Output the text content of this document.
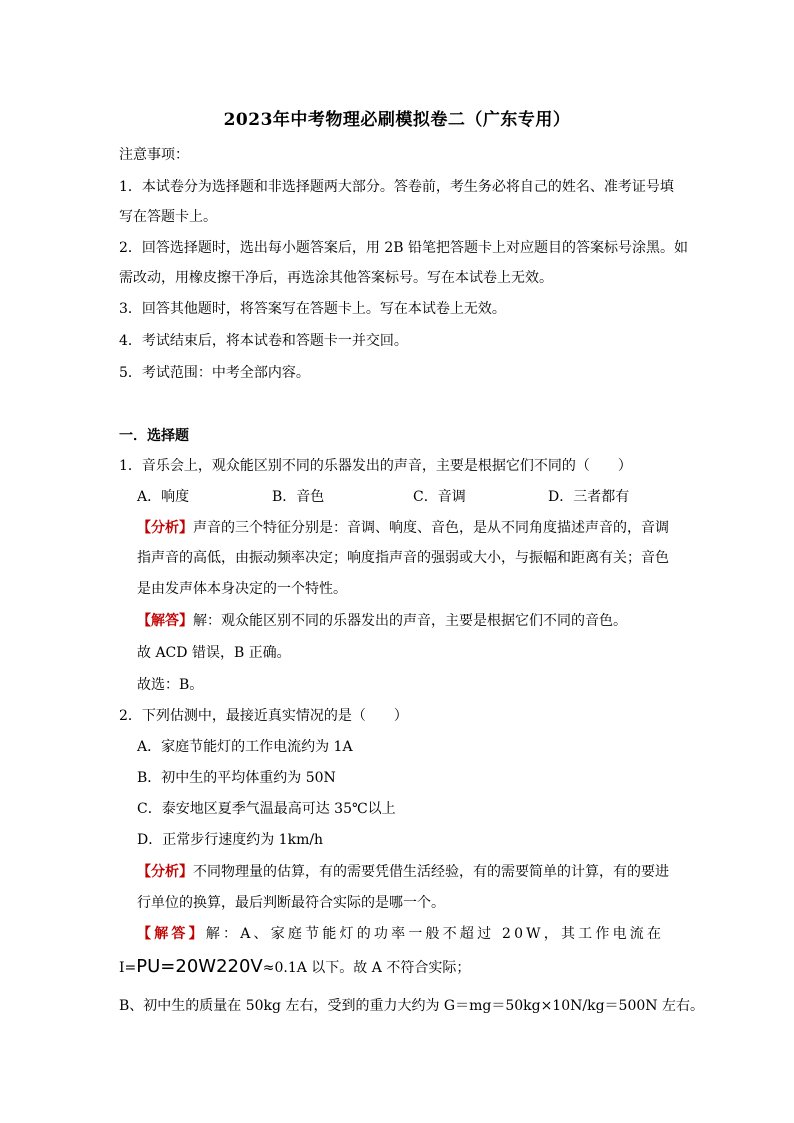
2023年中考物理必刷模拟卷二（广东专用）
注意事项：
1．本试卷分为选择题和非选择题两大部分。答卷前，考生务必将自己的姓名、准考证号填
写在答题卡上。
2．回答选择题时，选出每小题答案后，用 2B 铅笔把答题卡上对应题目的答案标号涂黑。如
需改动，用橡皮擦干净后，再选涂其他答案标号。写在本试卷上无效。
3．回答其他题时，将答案写在答题卡上。写在本试卷上无效。
4．考试结束后，将本试卷和答题卡一并交回。
5．考试范围：中考全部内容。
一．选择题
1．音乐会上，观众能区别不同的乐器发出的声音，主要是根据它们不同的（　　）
A．响度	B．音色	C．音调	D．三者都有
【分析】声音的三个特征分别是：音调、响度、音色，是从不同角度描述声音的，音调
指声音的高低，由振动频率决定；响度指声音的强弱或大小，与振幅和距离有关；音色
是由发声体本身决定的一个特性。
【解答】解：观众能区别不同的乐器发出的声音，主要是根据它们不同的音色。
故 ACD 错误，B 正确。
故选：B。
2．下列估测中，最接近真实情况的是（　　）
A．家庭节能灯的工作电流约为 1A
B．初中生的平均体重约为 50N
C．泰安地区夏季气温最高可达 35℃以上
D．正常步行速度约为 1km/h
【分析】不同物理量的估算，有的需要凭借生活经验，有的需要简单的计算，有的要进
行单位的换算，最后判断最符合实际的是哪一个。
【解答】解：A、家庭节能灯的功率一般不超过 20W，其工作电流在
I=PU=20W220V≈0.1A 以下。故 A 不符合实际；
B、初中生的质量在 50kg 左右，受到的重力大约为 G＝mg＝50kg×10N/kg＝500N 左右。
